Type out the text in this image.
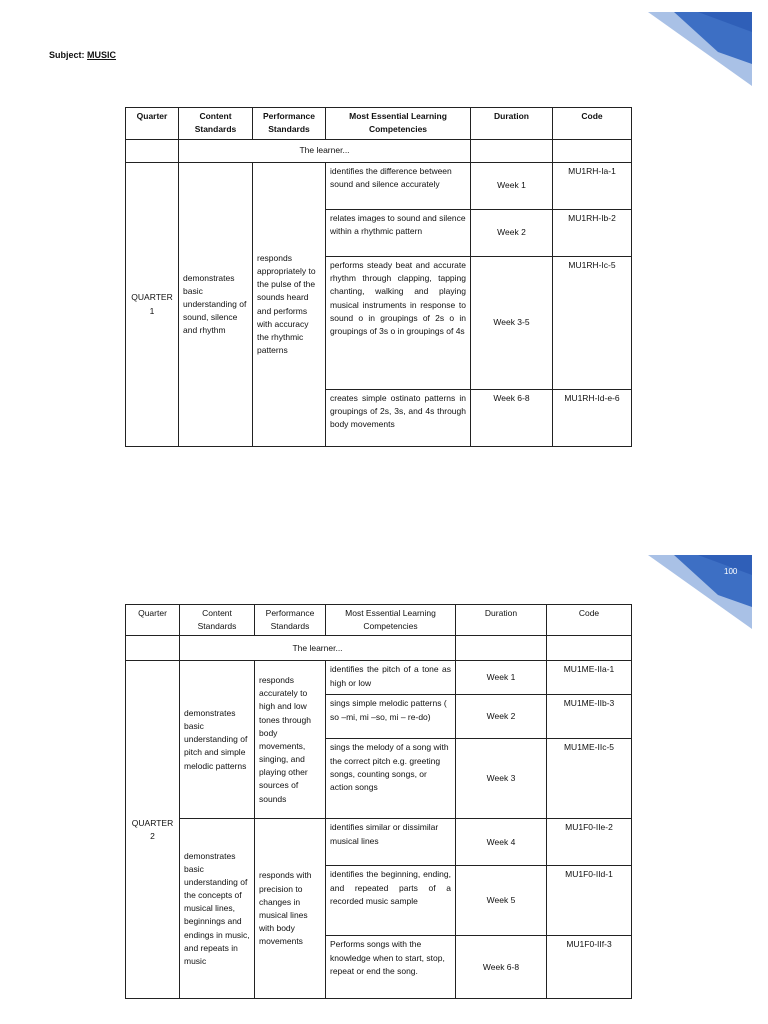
100
Subject: MUSIC
Quarter	Content Standards	Performance Standards	Most Essential Learning Competencies	Duration	Code
	The learner...				
QUARTER 1	demonstrates basic understanding of sound, silence and rhythm	responds appropriately to the pulse of the sounds heard and performs with accuracy the rhythmic patterns	identifies the difference between sound and silence accurately	Week 1	MU1RH-Ia-1
			relates images to sound and silence within a rhythmic pattern	Week 2	MU1RH-Ib-2
			performs steady beat and accurate rhythm through clapping, tapping chanting, walking and playing musical instruments in response to sound o in groupings of 2s o in groupings of 3s o in groupings of 4s	Week 3-5	MU1RH-Ic-5
			creates simple ostinato patterns in groupings of 2s, 3s, and 4s through body movements	Week 6-8	MU1RH-Id-e-6
Quarter	Content Standards	Performance Standards	Most Essential Learning Competencies	Duration	Code
	The learner...				
QUARTER 2	demonstrates basic understanding of pitch and simple melodic patterns	responds accurately to high and low tones through body movements, singing, and playing other sources of sounds	identifies the pitch of a tone as high or low	Week 1	MU1ME-IIa-1
			sings simple melodic patterns ( so –mi, mi –so, mi – re-do)	Week 2	MU1ME-IIb-3
			sings the melody of a song with the correct pitch e.g. greeting songs, counting songs, or action songs	Week 3	MU1ME-IIc-5
	demonstrates basic understanding of the concepts of musical lines, beginnings and endings in music, and repeats in music	responds with precision to changes in musical lines with body movements	identifies similar or dissimilar musical lines	Week 4	MU1F0-IIe-2
			identifies the beginning, ending, and repeated parts of a recorded music sample	Week 5	MU1F0-IId-1
			Performs songs with the knowledge when to start, stop, repeat or end the song.	Week 6-8	MU1F0-IIf-3
